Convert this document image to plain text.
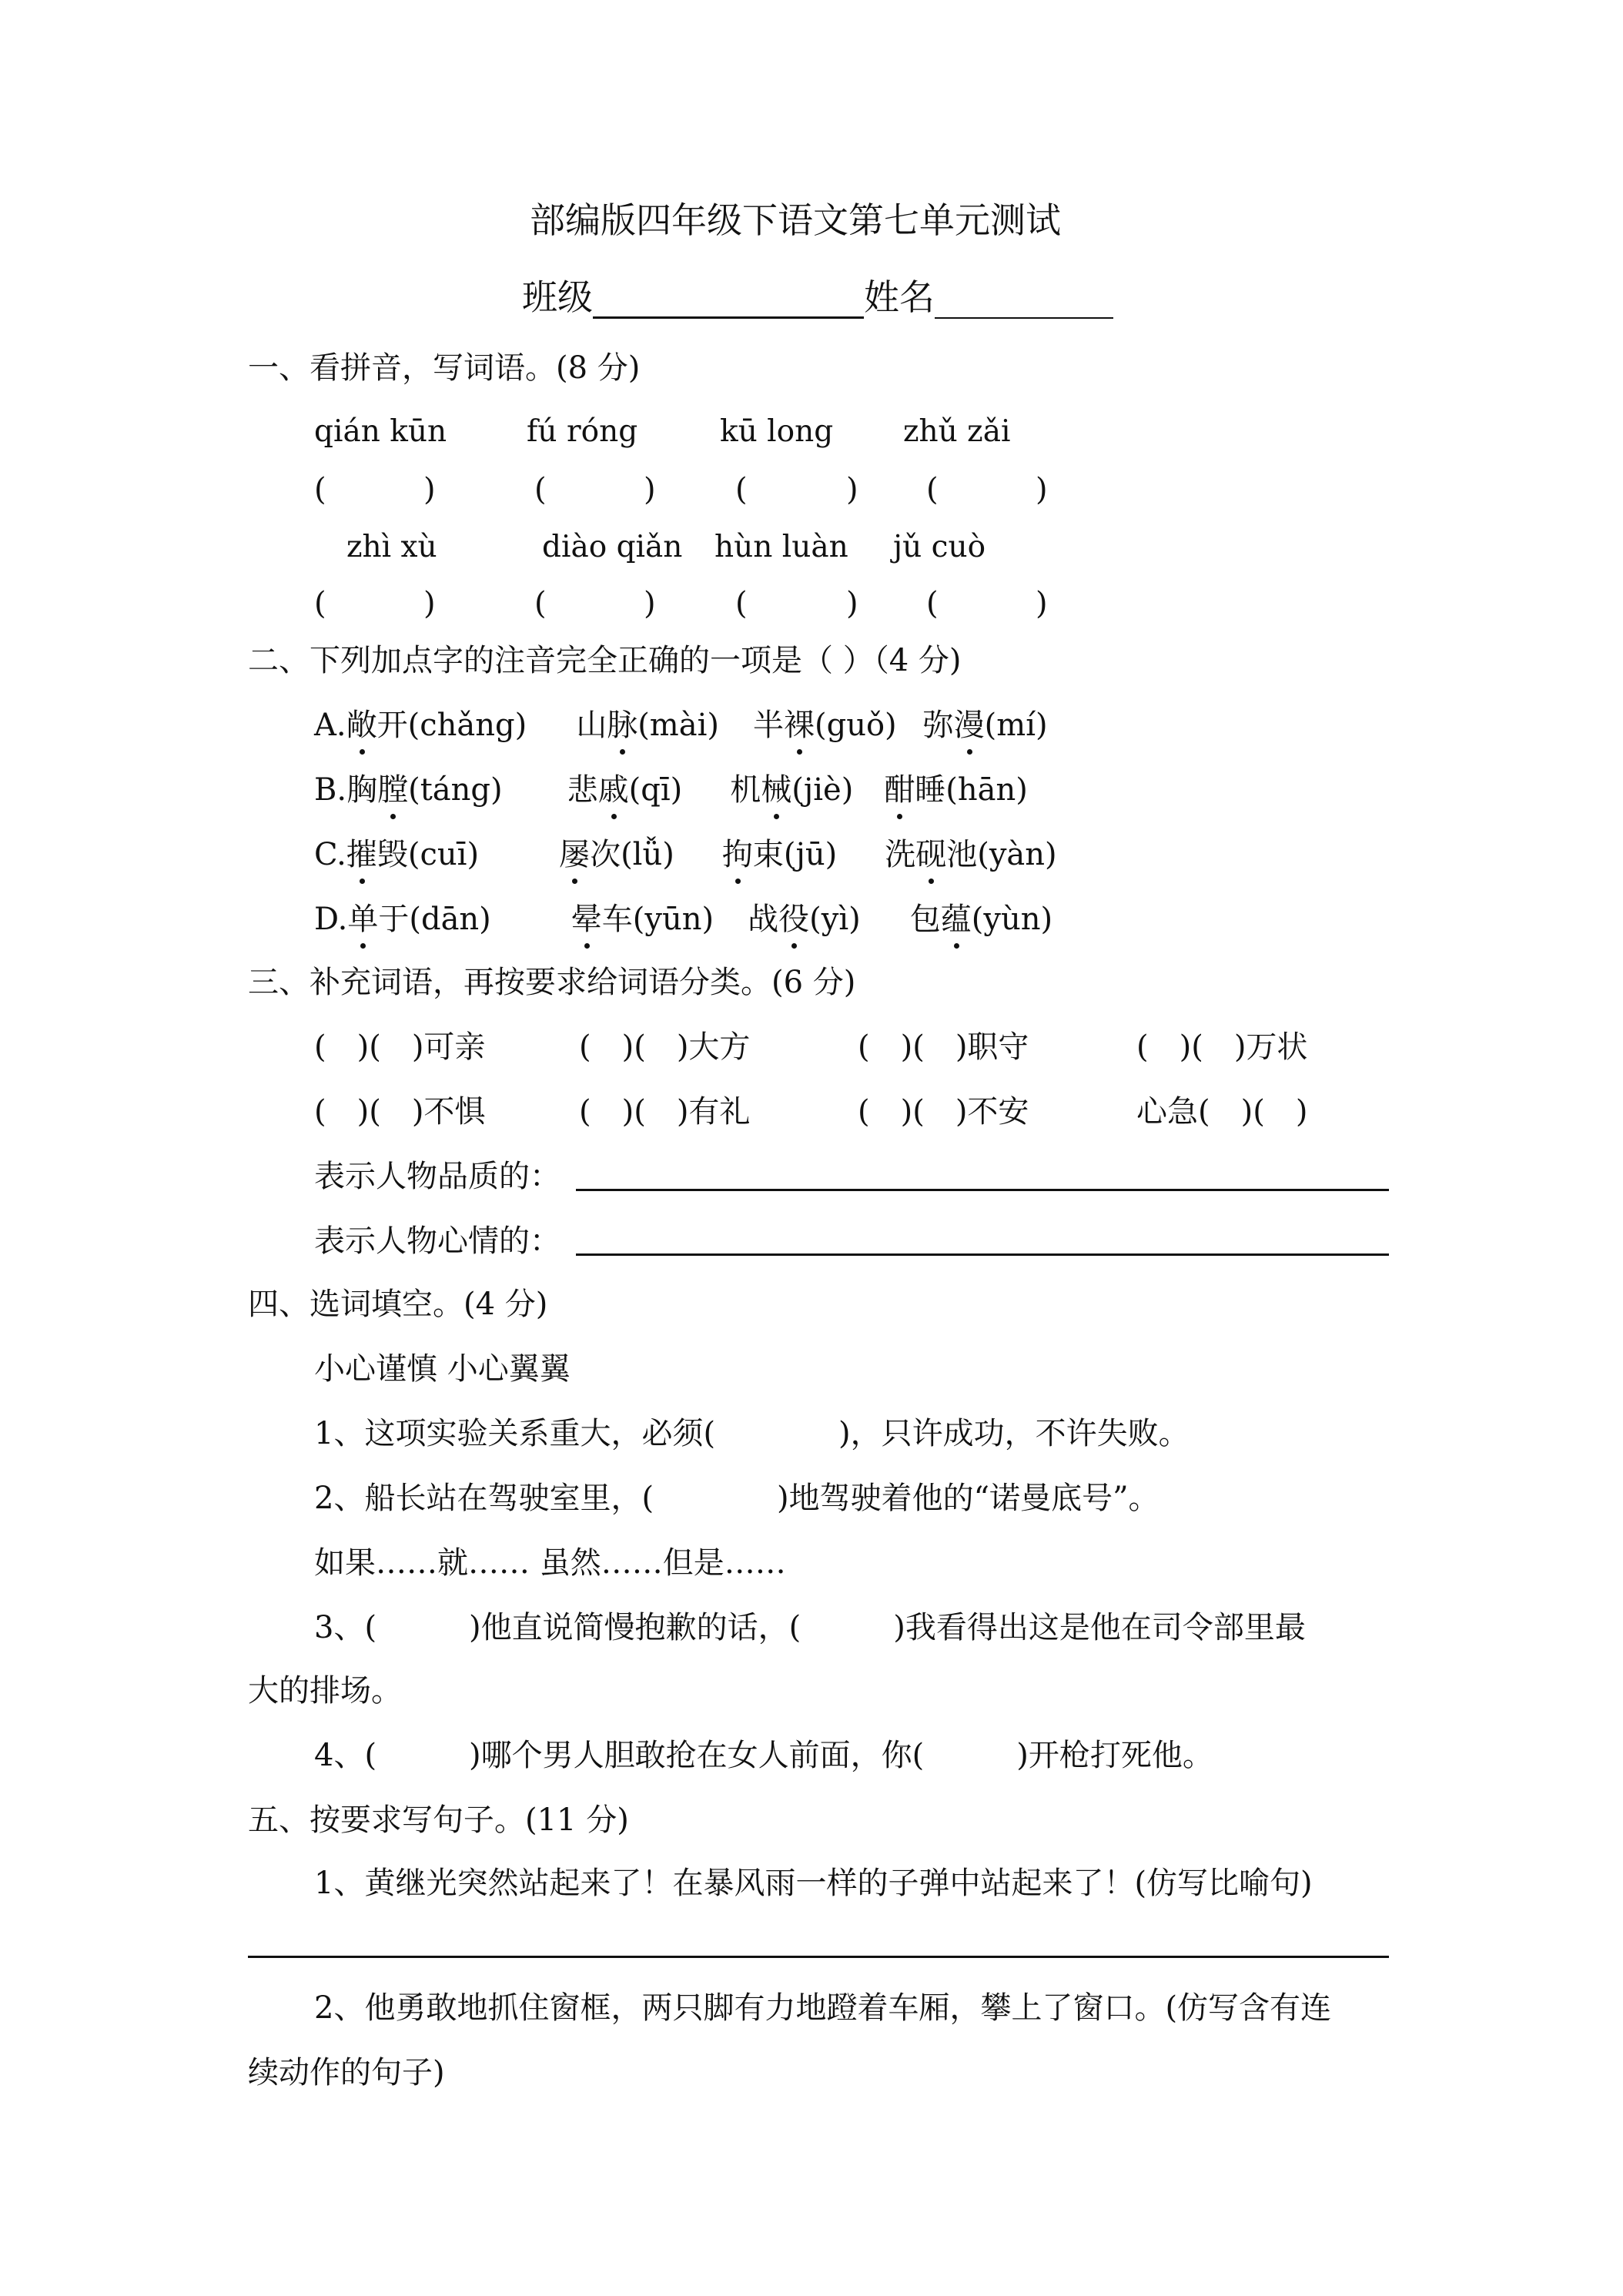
部编版四年级下语文第七单元测试
班级	姓名
一、看拼音，写词语。(8 分)
qián kūn	fú róng	kū long zhǔ zǎi
(	)	(	)	(	) (	)
zhì xù	diào qiǎn hùn luàn jǔ cuò
(	)	(	)	(	) (	)
二、下列加点字的注音完全正确的一项是（ ）（4 分)
A.敞开(chǎng) 山脉(mài) 半裸(guǒ) 弥漫(mí)
B.胸膛(táng) 悲戚(qī) 机械(jiè) 酣睡(hān)
C.摧毁(cuī)	屡次(lǚ) 拘束(jū) 洗砚池(yàn)
D.单于(dān)	晕车(yūn) 战役(yì) 包蕴(yùn)
三、补充词语，再按要求给词语分类。(6 分)
(　)(　)可亲	(　)(　)大方	(　)(　)职守	(　)(　)万状
(　)(　)不惧	(　)(　)有礼	(　)(　)不安	心急(　)(　)
表示人物品质的：
表示人物心情的：
四、选词填空。(4 分)
小心谨慎 小心翼翼
1、这项实验关系重大，必须(　　　　)，只许成功，不许失败。
2、船长站在驾驶室里，(　　　　)地驾驶着他的“诺曼底号”。
如果……就…… 虽然……但是……
3、(　　　)他直说简慢抱歉的话，(　　　)我看得出这是他在司令部里最
大的排场。
4、(　　　)哪个男人胆敢抢在女人前面，你(　　　)开枪打死他。
五、按要求写句子。(11 分)
1、黄继光突然站起来了！在暴风雨一样的子弹中站起来了！(仿写比喻句)
2、他勇敢地抓住窗框，两只脚有力地蹬着车厢，攀上了窗口。(仿写含有连
续动作的句子)
